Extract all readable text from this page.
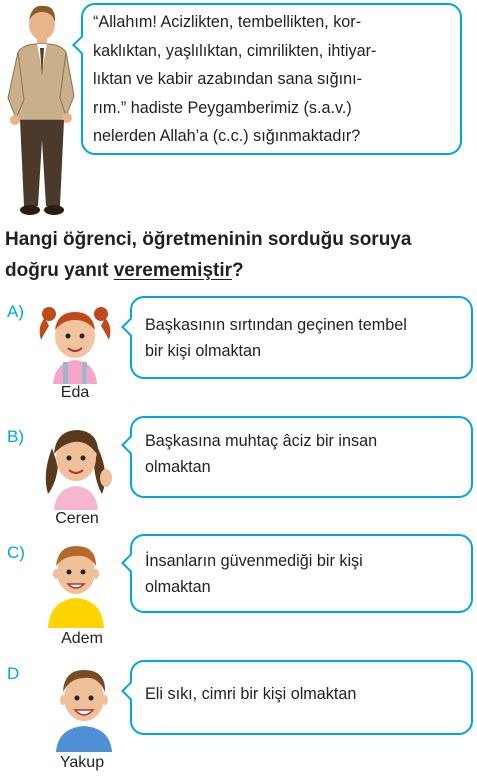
“Allahım! Acizlikten, tembellikten, kor-
kaklıktan, yaşlılıktan, cimrilikten, ihtiyar-
lıktan ve kabir azabından sana sığını-
rım.” hadiste Peygamberimiz (s.a.v.)
nelerden Allah’a (c.c.) sığınmaktadır?
Hangi öğrenci, öğretmeninin sorduğu soruya
doğru yanıt verememiştir?
A)
Eda
Başkasının sırtından geçinen tembel
bir kişi olmaktan
B)
Ceren
Başkasına muhtaç âciz bir insan
olmaktan
C)
Adem
İnsanların güvenmediği bir kişi
olmaktan
D
Yakup
Eli sıkı, cimri bir kişi olmaktan
